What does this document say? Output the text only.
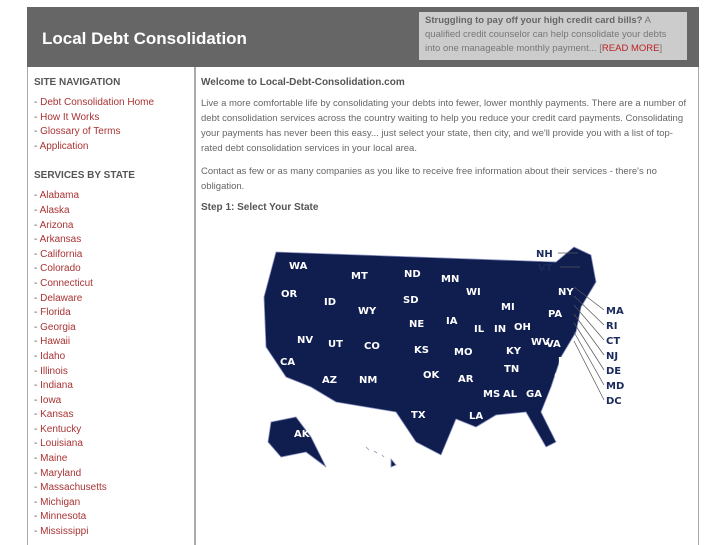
Local Debt Consolidation
Struggling to pay off your high credit card bills? A qualified credit counselor can help consolidate your debts into one manageable monthly payment... [READ MORE]
SITE NAVIGATION
- Debt Consolidation Home
- How It Works
- Glossary of Terms
- Application
SERVICES BY STATE
- Alabama
- Alaska
- Arizona
- Arkansas
- California
- Colorado
- Connecticut
- Delaware
- Florida
- Georgia
- Hawaii
- Idaho
- Illinois
- Indiana
- Iowa
- Kansas
- Kentucky
- Louisiana
- Maine
- Maryland
- Massachusetts
- Michigan
- Minnesota
- Mississippi
Welcome to Local-Debt-Consolidation.com

Live a more comfortable life by consolidating your debts into fewer, lower monthly payments. There are a number of debt consolidation services across the country waiting to help you reduce your credit card payments. Consolidating your payments has never been this easy... just select your state, then city, and we'll provide you with a list of top-rated debt consolidation services in your local area.

Contact as few or as many companies as you like to receive free information about their services - there's no obligation.

Step 1: Select Your State
WA
MT	ND MN
OR
ID
WY
SD
WI
MI
NY
PA
IA
NE	IL IN OH
WV
VA
NV UT CO	KS	MO	KY
NC
CA
TN
SC
AZ NM	OK AR
MS AL GA
TX	LA
FL
AK
HI
NH
VT
MA
RI
CT
NJ
DE
MD
DC
